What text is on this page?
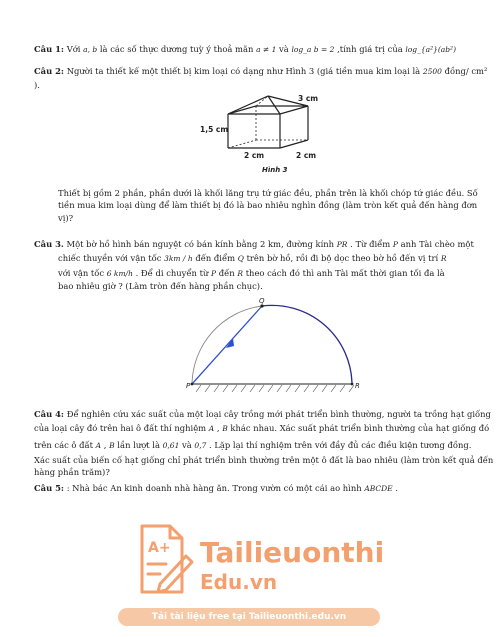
Câu 1: Với a, b là các số thực dương tuỳ ý thoả mãn a ≠ 1 và log_a b = 2 ,tính giá trị của log_{a²}(ab²)
Câu 2: Người ta thiết kế một thiết bị kim loại có dạng như Hình 3 (giá tiền mua kim loại là 2500 đồng/ cm²
).
3 cm
1,5 cm
2 cm	2 cm
Hình 3
Thiết bị gồm 2 phần, phần dưới là khối lăng trụ tứ giác đều, phần trên là khối chóp tứ giác đều. Số
tiền mua kim loại dùng để làm thiết bị đó là bao nhiêu nghìn đồng (làm tròn kết quả đến hàng đơn
vị)?
Câu 3. Một bờ hồ hình bán nguyệt có bán kính bằng 2 km, đường kính PR . Từ điểm P anh Tài chèo một
chiếc thuyền với vận tốc 3km / h đến điểm Q trên bờ hồ, rồi đi bộ dọc theo bờ hồ đến vị trí R
với vận tốc 6 km/h . Để di chuyển từ P đến R theo cách đó thì anh Tài mất thời gian tối đa là
bao nhiêu giờ ? (Làm tròn đến hàng phần chục).
Q
P	R
Câu 4: Để nghiên cứu xác suất của một loại cây trồng mới phát triển bình thường, người ta trồng hạt giống
của loại cây đó trên hai ô đất thí nghiệm A , B khác nhau. Xác suất phát triển bình thường của hạt giống đó
trên các ô đất A , B lần lượt là 0,61 và 0,7 . Lặp lại thí nghiệm trên với đầy đủ các điều kiện tương đồng.
Xác suất của biến cố hạt giống chỉ phát triển bình thường trên một ô đất là bao nhiêu (làm tròn kết quả đến
hàng phần trăm)?
Câu 5: : Nhà bác An kinh doanh nhà hàng ăn. Trong vườn có một cái ao hình ABCDE .
A+ Tailieuonthi
Edu.vn
Tải tài liệu free tại Tailieuonthi.edu.vn
